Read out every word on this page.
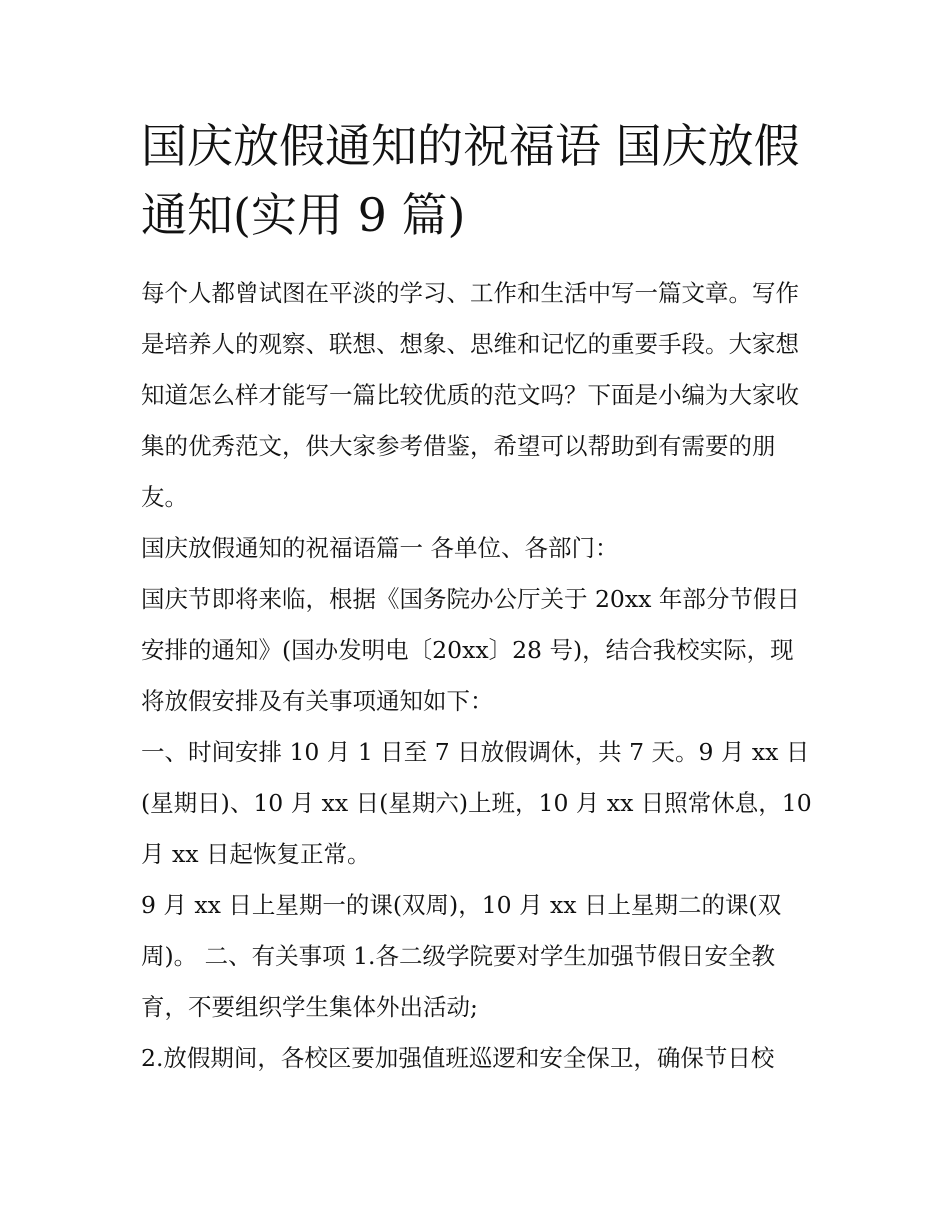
国庆放假通知的祝福语 国庆放假通知(实用 9 篇)

每个人都曾试图在平淡的学习、工作和生活中写一篇文章。写作是培养人的观察、联想、想象、思维和记忆的重要手段。大家想知道怎么样才能写一篇比较优质的范文吗？下面是小编为大家收集的优秀范文，供大家参考借鉴，希望可以帮助到有需要的朋友。

国庆放假通知的祝福语篇一 各单位、各部门：

国庆节即将来临，根据《国务院办公厅关于 20xx 年部分节假日安排的通知》(国办发明电〔20xx〕28 号)，结合我校实际，现将放假安排及有关事项通知如下：

一、时间安排 10 月 1 日至 7 日放假调休，共 7 天。9 月 xx 日(星期日)、10 月 xx 日(星期六)上班，10 月 xx 日照常休息，10 月 xx 日起恢复正常。

9 月 xx 日上星期一的课(双周)，10 月 xx 日上星期二的课(双周)。 二、有关事项 1.各二级学院要对学生加强节假日安全教育，不要组织学生集体外出活动;

2.放假期间，各校区要加强值班巡逻和安全保卫，确保节日校
